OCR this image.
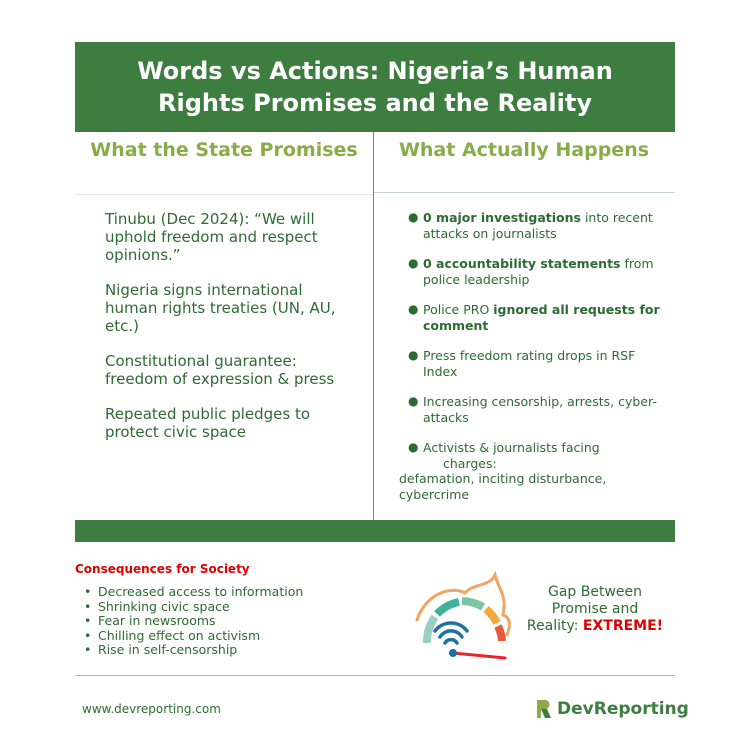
Words vs Actions: Nigeria’s Human Rights Promises and the Reality
What the State Promises	What Actually Happens
Tinubu (Dec 2024): “We will uphold freedom and respect opinions.”
Nigeria signs international human rights treaties (UN, AU, etc.)
Constitutional guarantee: freedom of expression & press
Repeated public pledges to protect civic space
● 0 major investigations into recent attacks on journalists
● 0 accountability statements from police leadership
● Police PRO ignored all requests for comment
● Press freedom rating drops in RSF Index
● Increasing censorship, arrests, cyber-attacks
● Activists & journalists facing
charges:
defamation, inciting disturbance,
cybercrime
Consequences for Society
• Decreased access to information
• Shrinking civic space
• Fear in newsrooms
• Chilling effect on activism
• Rise in self-censorship
Gap Between
Promise and
Reality: EXTREME!
www.devreporting.com	DevReporting
